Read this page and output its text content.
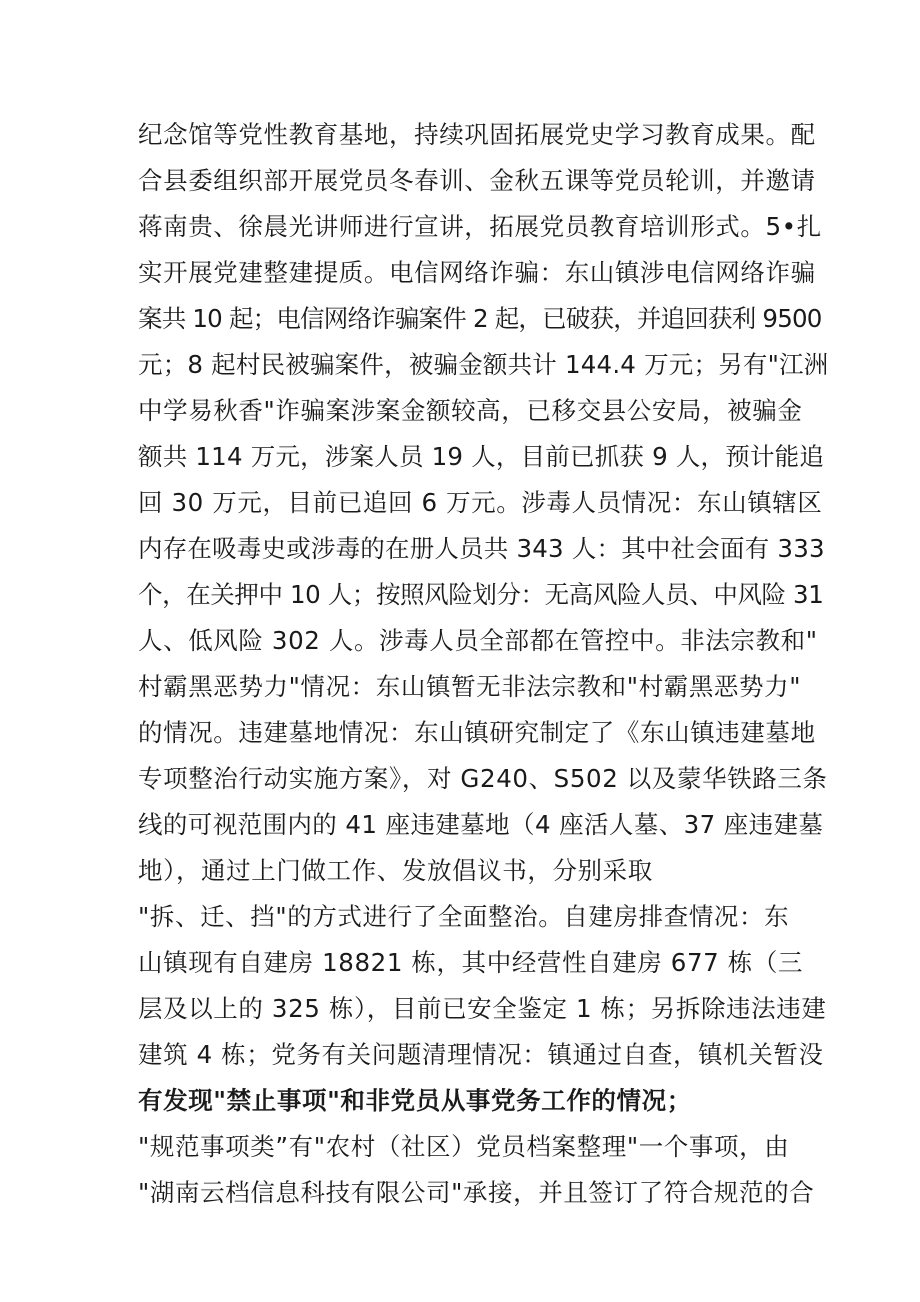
纪念馆等党性教育基地，持续巩固拓展党史学习教育成果。配
合县委组织部开展党员冬春训、金秋五课等党员轮训，并邀请
蒋南贵、徐晨光讲师进行宣讲，拓展党员教育培训形式。5•扎
实开展党建整建提质。电信网络诈骗：东山镇涉电信网络诈骗
案共 10 起；电信网络诈骗案件 2 起，已破获，并追回获利 9500
元；8 起村民被骗案件，被骗金额共计 144.4 万元；另有"江洲
中学易秋香"诈骗案涉案金额较高，已移交县公安局，被骗金
额共 114 万元，涉案人员 19 人，目前已抓获 9 人，预计能追
回 30 万元，目前已追回 6 万元。涉毒人员情况：东山镇辖区
内存在吸毒史或涉毒的在册人员共 343 人：其中社会面有 333
个，在关押中 10 人；按照风险划分：无高风险人员、中风险 31
人、低风险 302 人。涉毒人员全部都在管控中。非法宗教和"
村霸黑恶势力"情况：东山镇暂无非法宗教和"村霸黑恶势力"
的情况。违建墓地情况：东山镇研究制定了《东山镇违建墓地
专项整治行动实施方案》，对 G240、S502 以及蒙华铁路三条
线的可视范围内的 41 座违建墓地（4 座活人墓、37 座违建墓
地），通过上门做工作、发放倡议书，分别采取
"拆、迁、挡"的方式进行了全面整治。自建房排查情况：东
山镇现有自建房 18821 栋，其中经营性自建房 677 栋（三
层及以上的 325 栋），目前已安全鉴定 1 栋；另拆除违法违建
建筑 4 栋；党务有关问题清理情况：镇通过自查，镇机关暂没
有发现"禁止事项"和非党员从事党务工作的情况；
"规范事项类”有"农村（社区）党员档案整理"一个事项，由
"湖南云档信息科技有限公司"承接，并且签订了符合规范的合
